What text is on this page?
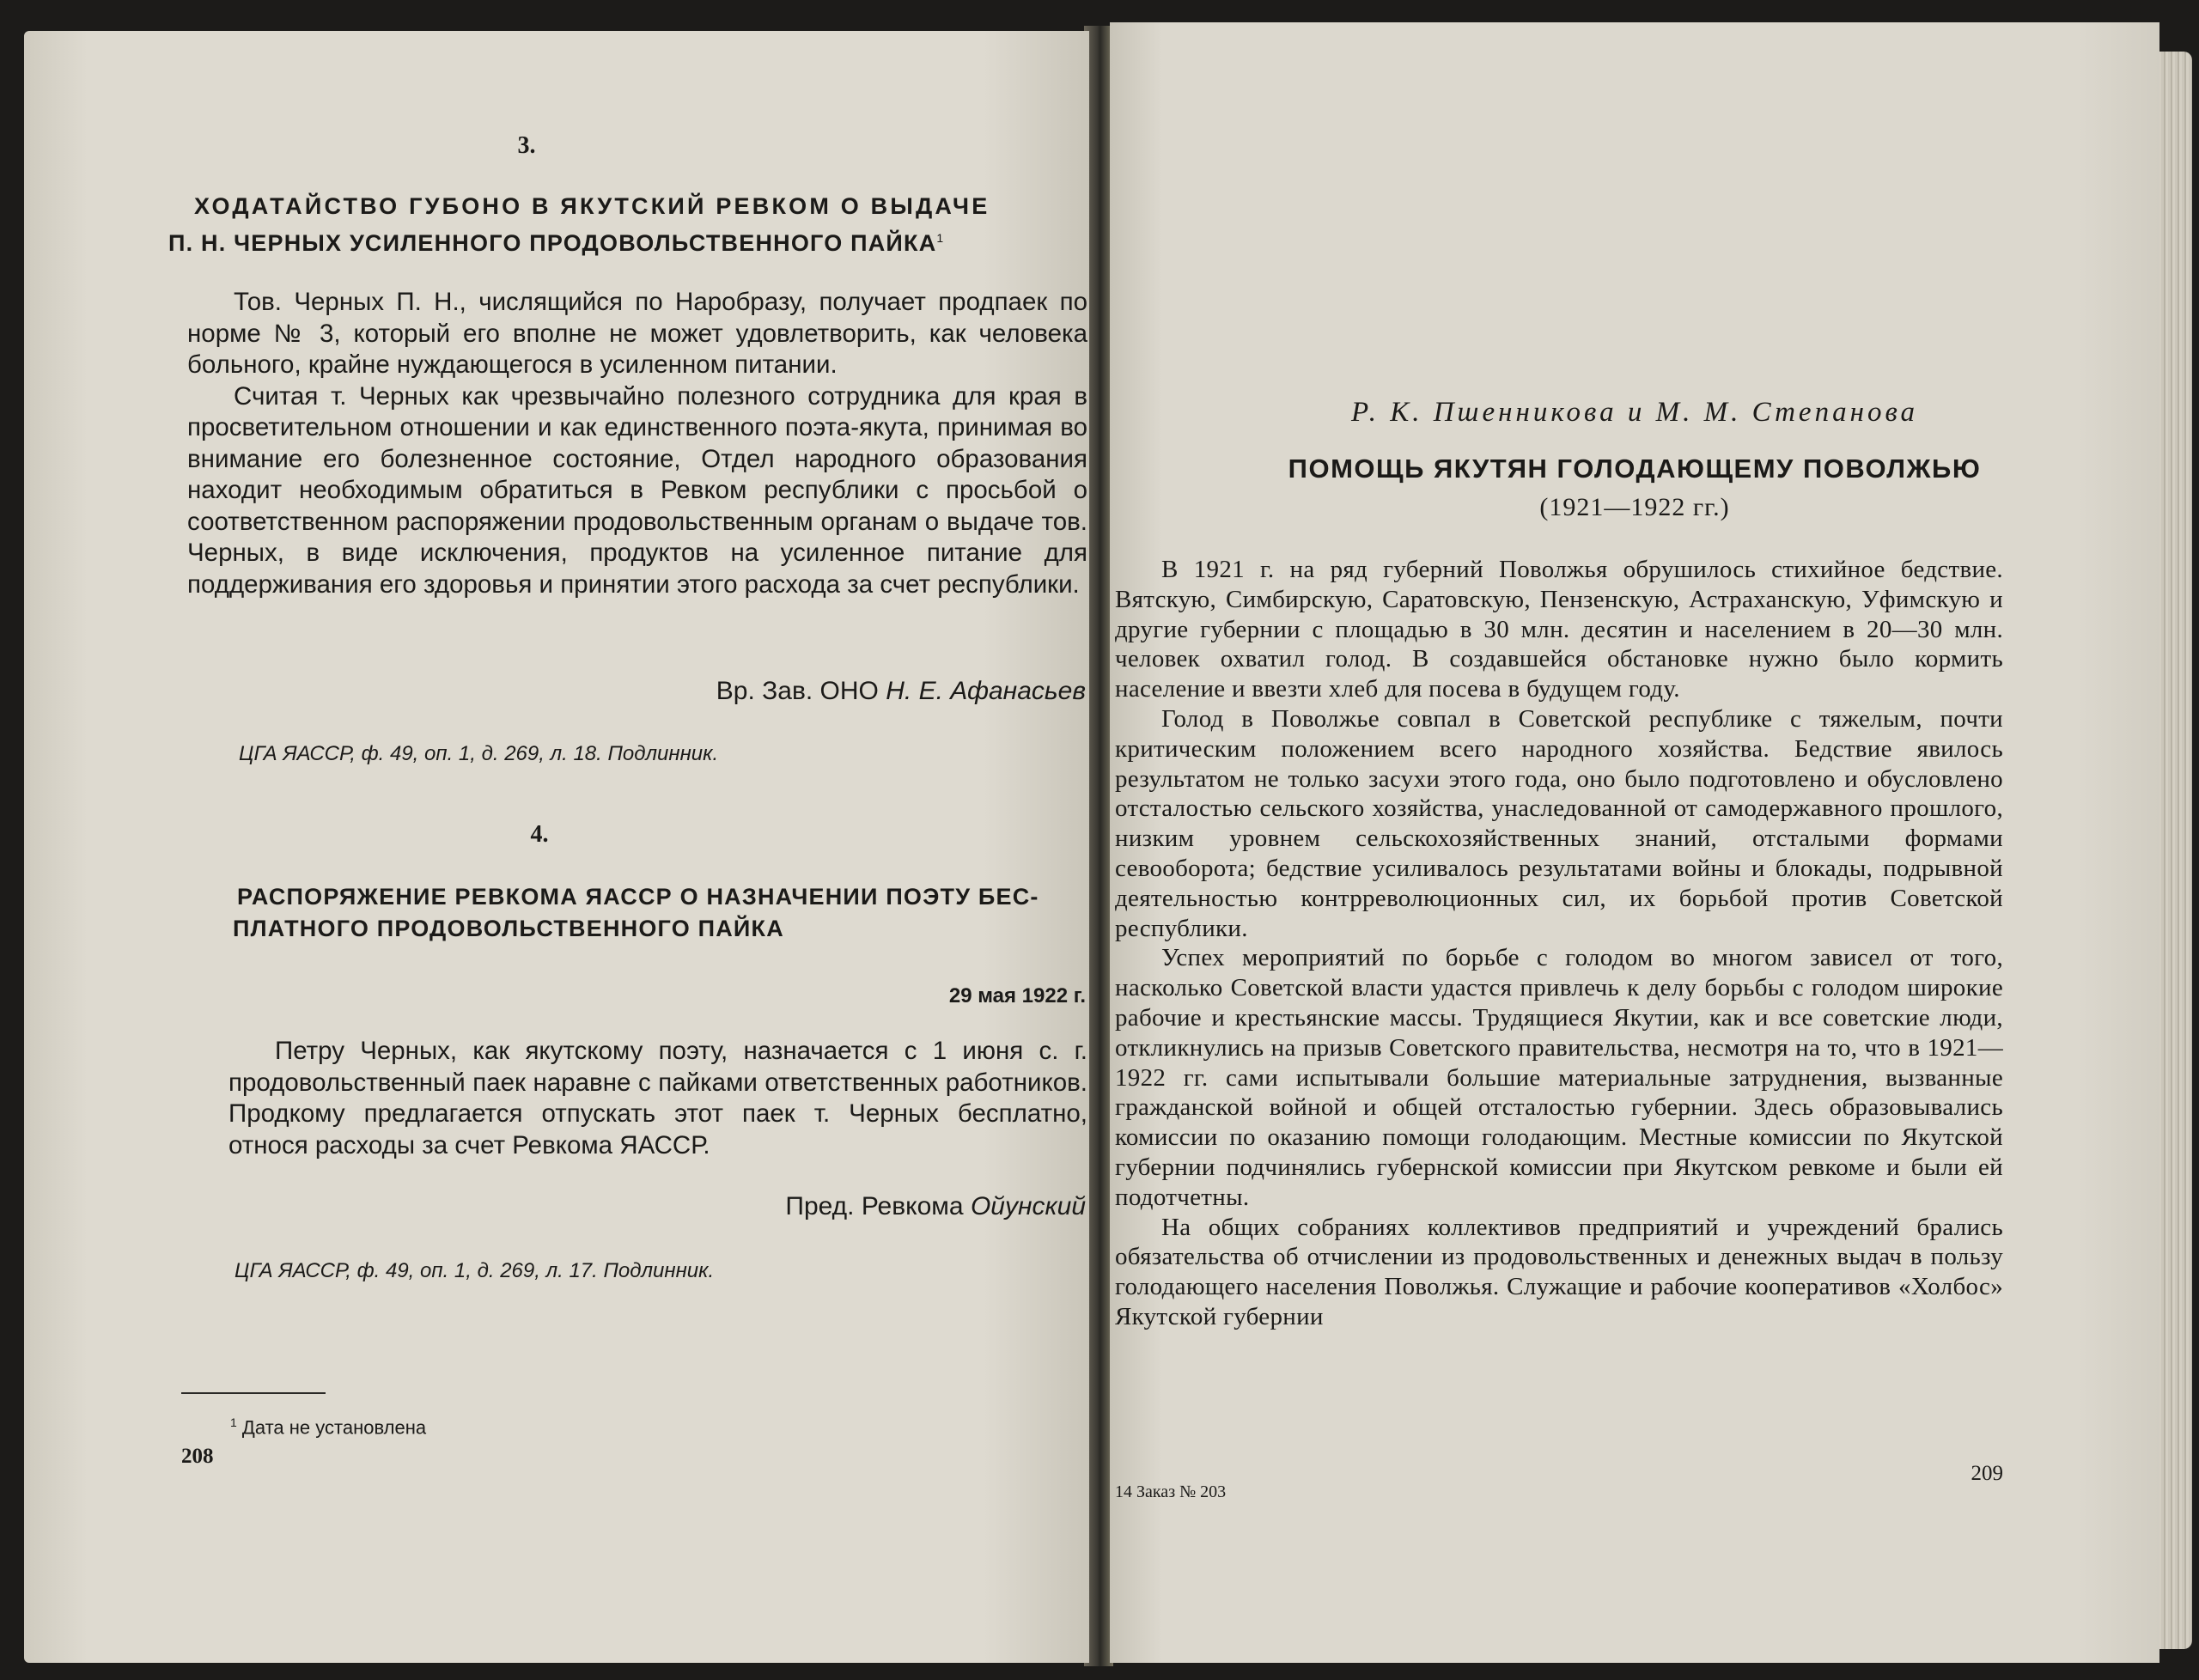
3.

ХОДАТАЙСТВО ГУБОНО В ЯКУТСКИЙ РЕВКОМ О ВЫДАЧЕ

П. Н. ЧЕРНЫХ УСИЛЕННОГО ПРОДОВОЛЬСТВЕННОГО ПАЙКА$^1$

Тов. Черных П. Н., числящийся по Наробразу, получает продпаек по норме № 3, который его вполне не может удовлетворить, как человека больного, крайне нуждающегося в усиленном питании.

Считая т. Черных как чрезвычайно полезного сотрудника для края в просветительном отношении и как единственного поэта-якута, принимая во внимание его болезненное состояние, Отдел народного образования находит необходимым обратиться в Ревком республики с просьбой о соответственном распоряжении продовольственным органам о выдаче тов. Черных, в виде исключения, продуктов на усиленное питание для поддерживания его здоровья и принятии этого расхода за счет республики.

Вр. Зав. ОНО Н. Е. Афанасьев
ЦГА ЯАССР, ф. 49, оп. 1, д. 269, л. 18. Подлинник.
4.

РАСПОРЯЖЕНИЕ РЕВКОМА ЯАССР О НАЗНАЧЕНИИ ПОЭТУ БЕС-

ПЛАТНОГО ПРОДОВОЛЬСТВЕННОГО ПАЙКА

29 мая 1922 г.

Петру Черных, как якутскому поэту, назначается с 1 июня с. г. продовольственный паек наравне с пайками ответственных работников. Продкому предлагается отпускать этот паек т. Черных бесплатно, относя расходы за счет Ревкома ЯАССР.

Пред. Ревкома Ойунский
ЦГА ЯАССР, ф. 49, оп. 1, д. 269, л. 17. Подлинник.
$^1$ Дата не установлена
208
Р. К. Пшенникова и М. М. Степанова
ПОМОЩЬ ЯКУТЯН ГОЛОДАЮЩЕМУ ПОВОЛЖЬЮ
(1921—1922 гг.)

В 1921 г. на ряд губерний Поволжья обрушилось стихийное бедствие. Вятскую, Симбирскую, Саратовскую, Пензенскую, Астраханскую, Уфимскую и другие губернии с площадью в 30 млн. десятин и населением в 20—30 млн. человек охватил голод. В создавшейся обстановке нужно было кормить население и ввезти хлеб для посева в будущем году.

Голод в Поволжье совпал в Советской республике с тяжелым, почти критическим положением всего народного хозяйства. Бедствие явилось результатом не только засухи этого года, оно было подготовлено и обусловлено отсталостью сельского хозяйства, унаследованной от самодержавного прошлого, низким уровнем сельскохозяйственных знаний, отсталыми формами севооборота; бедствие усиливалось результатами войны и блокады, подрывной деятельностью контрреволюционных сил, их борьбой против Советской республики.

Успех мероприятий по борьбе с голодом во многом зависел от того, насколько Советской власти удастся привлечь к делу борьбы с голодом широкие рабочие и крестьянские массы. Трудящиеся Якутии, как и все советские люди, откликнулись на призыв Советского правительства, несмотря на то, что в 1921—1922 гг. сами испытывали большие материальные затруднения, вызванные гражданской войной и общей отсталостью губернии. Здесь образовывались комиссии по оказанию помощи голодающим. Местные комиссии по Якутской губернии подчинялись губернской комиссии при Якутском ревкоме и были ей подотчетны.

На общих собраниях коллективов предприятий и учреждений брались обязательства об отчислении из продовольственных и денежных выдач в пользу голодающего населения Поволжья. Служащие и рабочие кооперативов «Холбос» Якутской губернии

14 Заказ № 203
209
